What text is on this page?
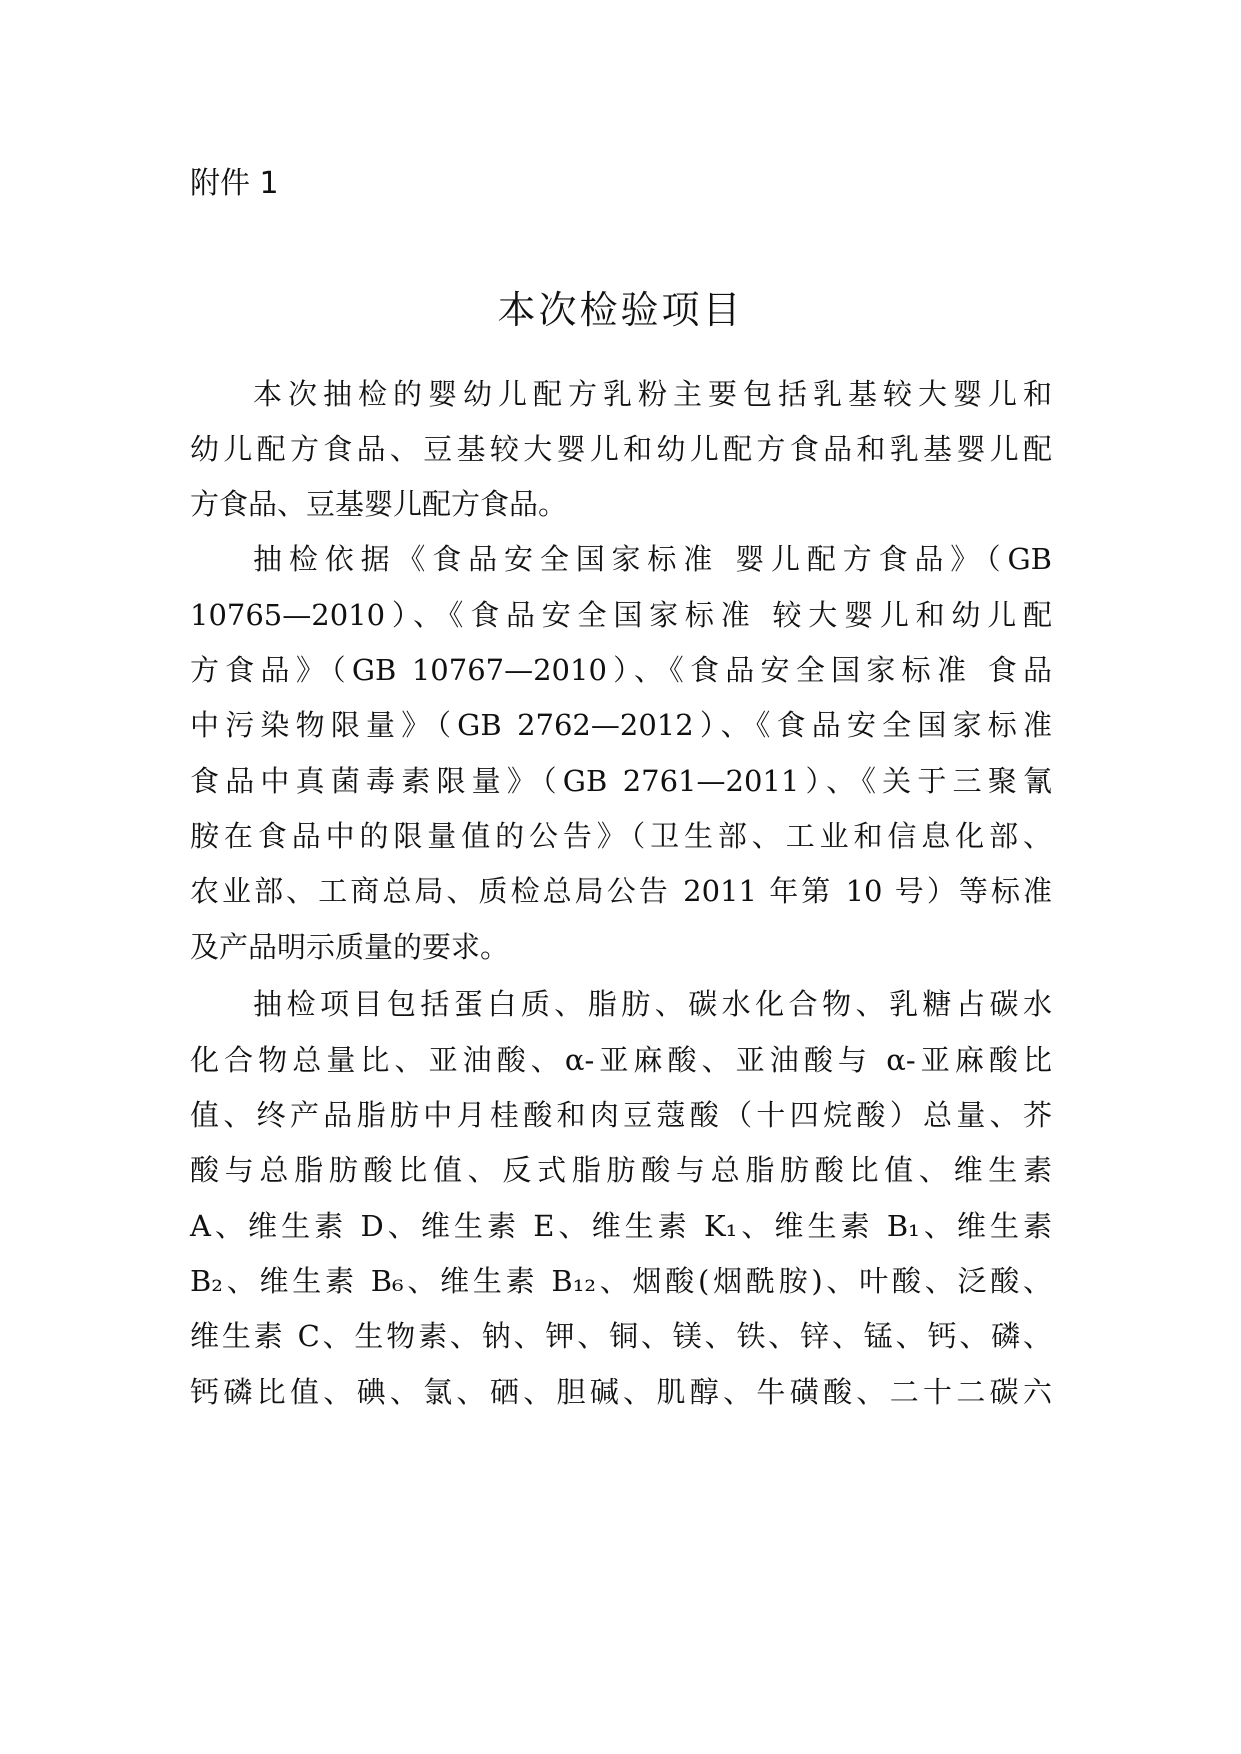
附件 1
本次检验项目
本次抽检的婴幼儿配方乳粉主要包括乳基较大婴儿和
幼儿配方食品、豆基较大婴儿和幼儿配方食品和乳基婴儿配
方食品、豆基婴儿配方食品。
抽检依据《食品安全国家标准 婴儿配方食品》（GB
10765—2010）、《食品安全国家标准 较大婴儿和幼儿配
方食品》（GB 10767—2010）、《食品安全国家标准 食品
中污染物限量》（GB 2762—2012）、《食品安全国家标准
食品中真菌毒素限量》（GB 2761—2011）、《关于三聚氰
胺在食品中的限量值的公告》（卫生部、工业和信息化部、
农业部、工商总局、质检总局公告 2011 年第 10 号）等标准
及产品明示质量的要求。
抽检项目包括蛋白质、脂肪、碳水化合物、乳糖占碳水
化合物总量比、亚油酸、α-亚麻酸、亚油酸与 α-亚麻酸比
值、终产品脂肪中月桂酸和肉豆蔻酸（十四烷酸）总量、芥
酸与总脂肪酸比值、反式脂肪酸与总脂肪酸比值、维生素
A、维生素 D、维生素 E、维生素 K₁、维生素 B₁、维生素
B₂、维生素 B₆、维生素 B₁₂、烟酸(烟酰胺)、叶酸、泛酸、
维生素 C、生物素、钠、钾、铜、镁、铁、锌、锰、钙、磷、
钙磷比值、碘、氯、硒、胆碱、肌醇、牛磺酸、二十二碳六
